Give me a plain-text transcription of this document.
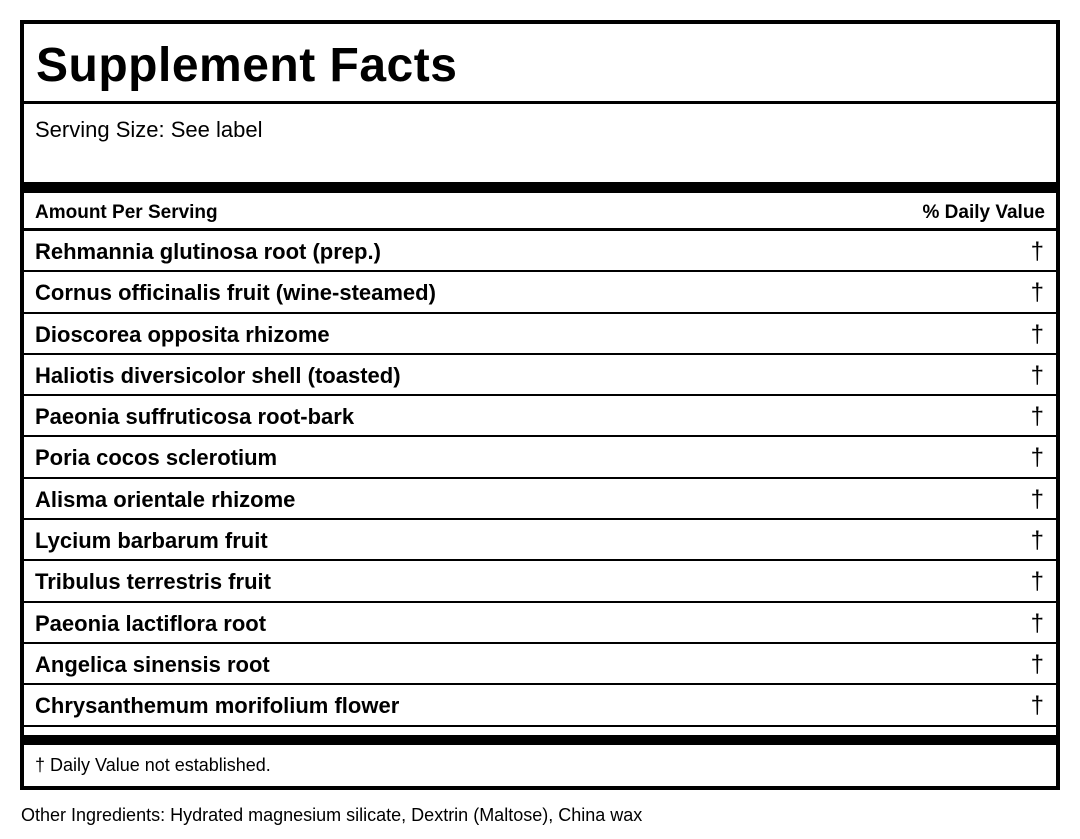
Supplement Facts
Serving Size: See label
Amount Per Serving	% Daily Value
Rehmannia glutinosa root (prep.)	†
Cornus officinalis fruit (wine-steamed)	†
Dioscorea opposita rhizome	†
Haliotis diversicolor shell (toasted)	†
Paeonia suffruticosa root-bark	†
Poria cocos sclerotium	†
Alisma orientale rhizome	†
Lycium barbarum fruit	†
Tribulus terrestris fruit	†
Paeonia lactiflora root	†
Angelica sinensis root	†
Chrysanthemum morifolium flower	†
† Daily Value not established.
Other Ingredients: Hydrated magnesium silicate, Dextrin (Maltose), China wax
